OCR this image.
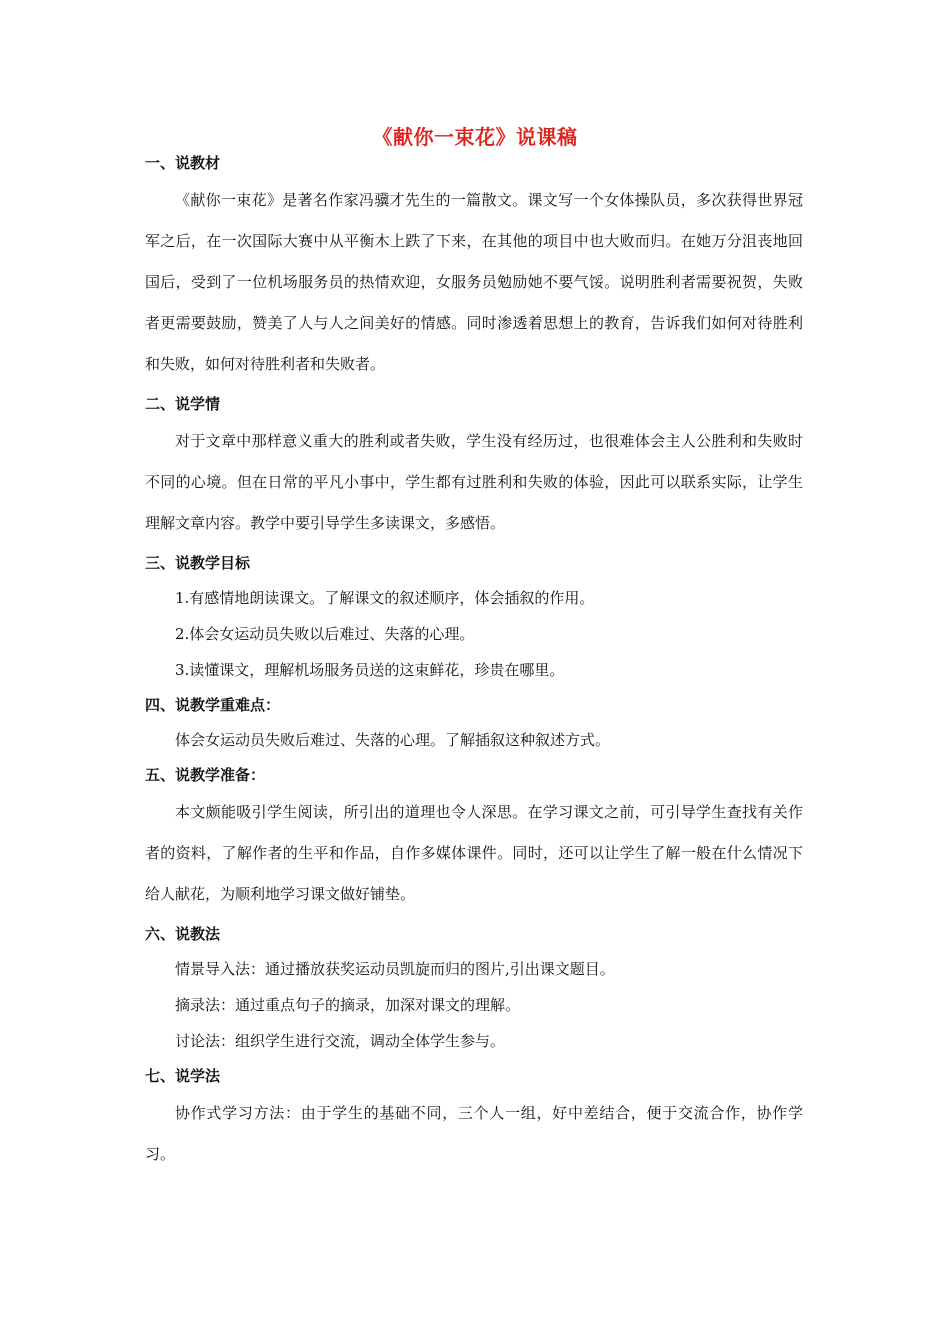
《献你一束花》说课稿
一、说教材

《献你一束花》是著名作家冯骥才先生的一篇散文。课文写一个女体操队员，多次获得世界冠军之后，在一次国际大赛中从平衡木上跌了下来，在其他的项目中也大败而归。在她万分沮丧地回国后，受到了一位机场服务员的热情欢迎，女服务员勉励她不要气馁。说明胜利者需要祝贺，失败者更需要鼓励，赞美了人与人之间美好的情感。同时渗透着思想上的教育，告诉我们如何对待胜利和失败，如何对待胜利者和失败者。

二、说学情

对于文章中那样意义重大的胜利或者失败，学生没有经历过，也很难体会主人公胜利和失败时不同的心境。但在日常的平凡小事中，学生都有过胜利和失败的体验，因此可以联系实际，让学生理解文章内容。教学中要引导学生多读课文，多感悟。

三、说教学目标

1.有感情地朗读课文。了解课文的叙述顺序，体会插叙的作用。

2.体会女运动员失败以后难过、失落的心理。

3.读懂课文，理解机场服务员送的这束鲜花，珍贵在哪里。

四、说教学重难点：

体会女运动员失败后难过、失落的心理。了解插叙这种叙述方式。

五、说教学准备：

本文颇能吸引学生阅读，所引出的道理也令人深思。在学习课文之前，可引导学生查找有关作者的资料，了解作者的生平和作品，自作多媒体课件。同时，还可以让学生了解一般在什么情况下给人献花，为顺利地学习课文做好铺垫。

六、说教法

情景导入法：通过播放获奖运动员凯旋而归的图片,引出课文题目。

摘录法：通过重点句子的摘录，加深对课文的理解。

讨论法：组织学生进行交流，调动全体学生参与。

七、说学法

协作式学习方法：由于学生的基础不同，三个人一组，好中差结合，便于交流合作，协作学习。
